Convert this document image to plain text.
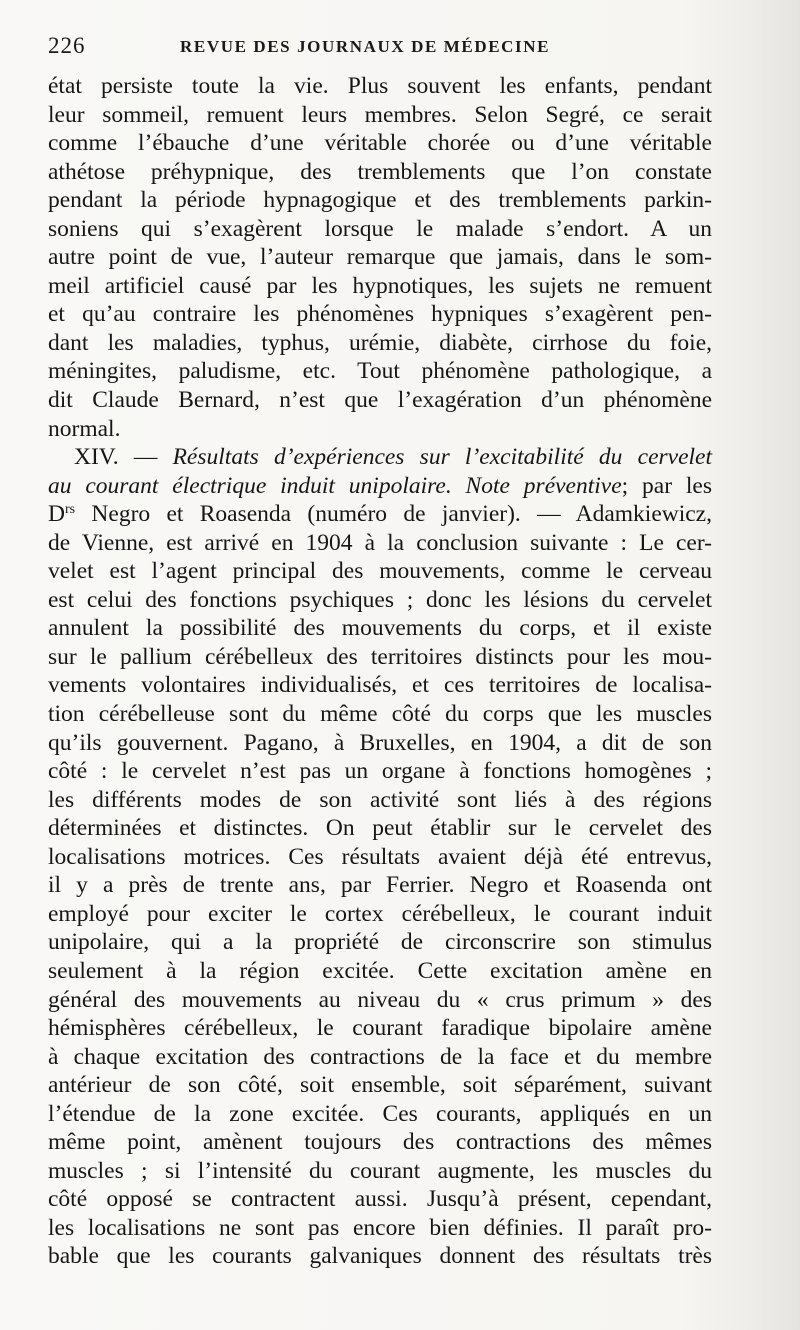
226	REVUE DES JOURNAUX DE MÉDECINE
état persiste toute la vie. Plus souvent les enfants, pendant
leur sommeil, remuent leurs membres. Selon Segré, ce serait
comme l’ébauche d’une véritable chorée ou d’une véritable
athétose préhypnique, des tremblements que l’on constate
pendant la période hypnagogique et des tremblements parkin-
soniens qui s’exagèrent lorsque le malade s’endort. A un
autre point de vue, l’auteur remarque que jamais, dans le som-
meil artificiel causé par les hypnotiques, les sujets ne remuent
et qu’au contraire les phénomènes hypniques s’exagèrent pen-
dant les maladies, typhus, urémie, diabète, cirrhose du foie,
méningites, paludisme, etc. Tout phénomène pathologique, a
dit Claude Bernard, n’est que l’exagération d’un phénomène
normal.
XIV. — Résultats d’expériences sur l’excitabilité du cervelet
au courant électrique induit unipolaire. Note préventive; par les
$D^{rs}$ Negro et Roasenda (numéro de janvier). — Adamkiewicz,
de Vienne, est arrivé en 1904 à la conclusion suivante : Le cer-
velet est l’agent principal des mouvements, comme le cerveau
est celui des fonctions psychiques ; donc les lésions du cervelet
annulent la possibilité des mouvements du corps, et il existe
sur le pallium cérébelleux des territoires distincts pour les mou-
vements volontaires individualisés, et ces territoires de localisa-
tion cérébelleuse sont du même côté du corps que les muscles
qu’ils gouvernent. Pagano, à Bruxelles, en 1904, a dit de son
côté : le cervelet n’est pas un organe à fonctions homogènes ;
les différents modes de son activité sont liés à des régions
déterminées et distinctes. On peut établir sur le cervelet des
localisations motrices. Ces résultats avaient déjà été entrevus,
il y a près de trente ans, par Ferrier. Negro et Roasenda ont
employé pour exciter le cortex cérébelleux, le courant induit
unipolaire, qui a la propriété de circonscrire son stimulus
seulement à la région excitée. Cette excitation amène en
général des mouvements au niveau du « crus primum » des
hémisphères cérébelleux, le courant faradique bipolaire amène
à chaque excitation des contractions de la face et du membre
antérieur de son côté, soit ensemble, soit séparément, suivant
l’étendue de la zone excitée. Ces courants, appliqués en un
même point, amènent toujours des contractions des mêmes
muscles ; si l’intensité du courant augmente, les muscles du
côté opposé se contractent aussi. Jusqu’à présent, cependant,
les localisations ne sont pas encore bien définies. Il paraît pro-
bable que les courants galvaniques donnent des résultats très
